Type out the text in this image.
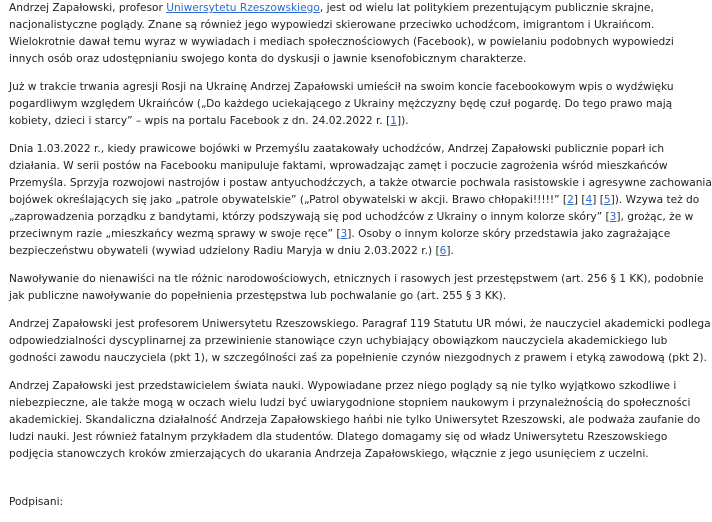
Andrzej Zapałowski, profesor Uniwersytetu Rzeszowskiego, jest od wielu lat politykiem prezentującym publicznie skrajne,
nacjonalistyczne poglądy. Znane są również jego wypowiedzi skierowane przeciwko uchodźcom, imigrantom i Ukraińcom.
Wielokrotnie dawał temu wyraz w wywiadach i mediach społecznościowych (Facebook), w powielaniu podobnych wypowiedzi
innych osób oraz udostępnianiu swojego konta do dyskusji o jawnie ksenofobicznym charakterze.

Już w trakcie trwania agresji Rosji na Ukrainę Andrzej Zapałowski umieścił na swoim koncie facebookowym wpis o wydźwięku
pogardliwym względem Ukraińców („Do każdego uciekającego z Ukrainy mężczyzny będę czuł pogardę. Do tego prawo mają
kobiety, dzieci i starcy” – wpis na portalu Facebook z dn. 24.02.2022 r. [1]).

Dnia 1.03.2022 r., kiedy prawicowe bojówki w Przemyślu zaatakowały uchodźców, Andrzej Zapałowski publicznie poparł ich
działania. W serii postów na Facebooku manipuluje faktami, wprowadzając zamęt i poczucie zagrożenia wśród mieszkańców
Przemyśla. Sprzyja rozwojowi nastrojów i postaw antyuchodźczych, a także otwarcie pochwala rasistowskie i agresywne zachowania
bojówek określających się jako „patrole obywatelskie” („Patrol obywatelski w akcji. Brawo chłopaki!!!!!” [2] [4] [5]). Wzywa też do
„zaprowadzenia porządku z bandytami, którzy podszywają się pod uchodźców z Ukrainy o innym kolorze skóry” [3], grożąc, że w
przeciwnym razie „mieszkańcy wezmą sprawy w swoje ręce” [3]. Osoby o innym kolorze skóry przedstawia jako zagrażające
bezpieczeństwu obywateli (wywiad udzielony Radiu Maryja w dniu 2.03.2022 r.) [6].

Nawoływanie do nienawiści na tle różnic narodowościowych, etnicznych i rasowych jest przestępstwem (art. 256 § 1 KK), podobnie
jak publiczne nawoływanie do popełnienia przestępstwa lub pochwalanie go (art. 255 § 3 KK).

Andrzej Zapałowski jest profesorem Uniwersytetu Rzeszowskiego. Paragraf 119 Statutu UR mówi, że nauczyciel akademicki podlega
odpowiedzialności dyscyplinarnej za przewinienie stanowiące czyn uchybiający obowiązkom nauczyciela akademickiego lub
godności zawodu nauczyciela (pkt 1), w szczególności zaś za popełnienie czynów niezgodnych z prawem i etyką zawodową (pkt 2).

Andrzej Zapałowski jest przedstawicielem świata nauki. Wypowiadane przez niego poglądy są nie tylko wyjątkowo szkodliwe i
niebezpieczne, ale także mogą w oczach wielu ludzi być uwiarygodnione stopniem naukowym i przynależnością do społeczności
akademickiej. Skandaliczna działalność Andrzeja Zapałowskiego hańbi nie tylko Uniwersytet Rzeszowski, ale podważa zaufanie do
ludzi nauki. Jest również fatalnym przykładem dla studentów. Dlatego domagamy się od władz Uniwersytetu Rzeszowskiego
podjęcia stanowczych kroków zmierzających do ukarania Andrzeja Zapałowskiego, włącznie z jego usunięciem z uczelni.

Podpisani:
